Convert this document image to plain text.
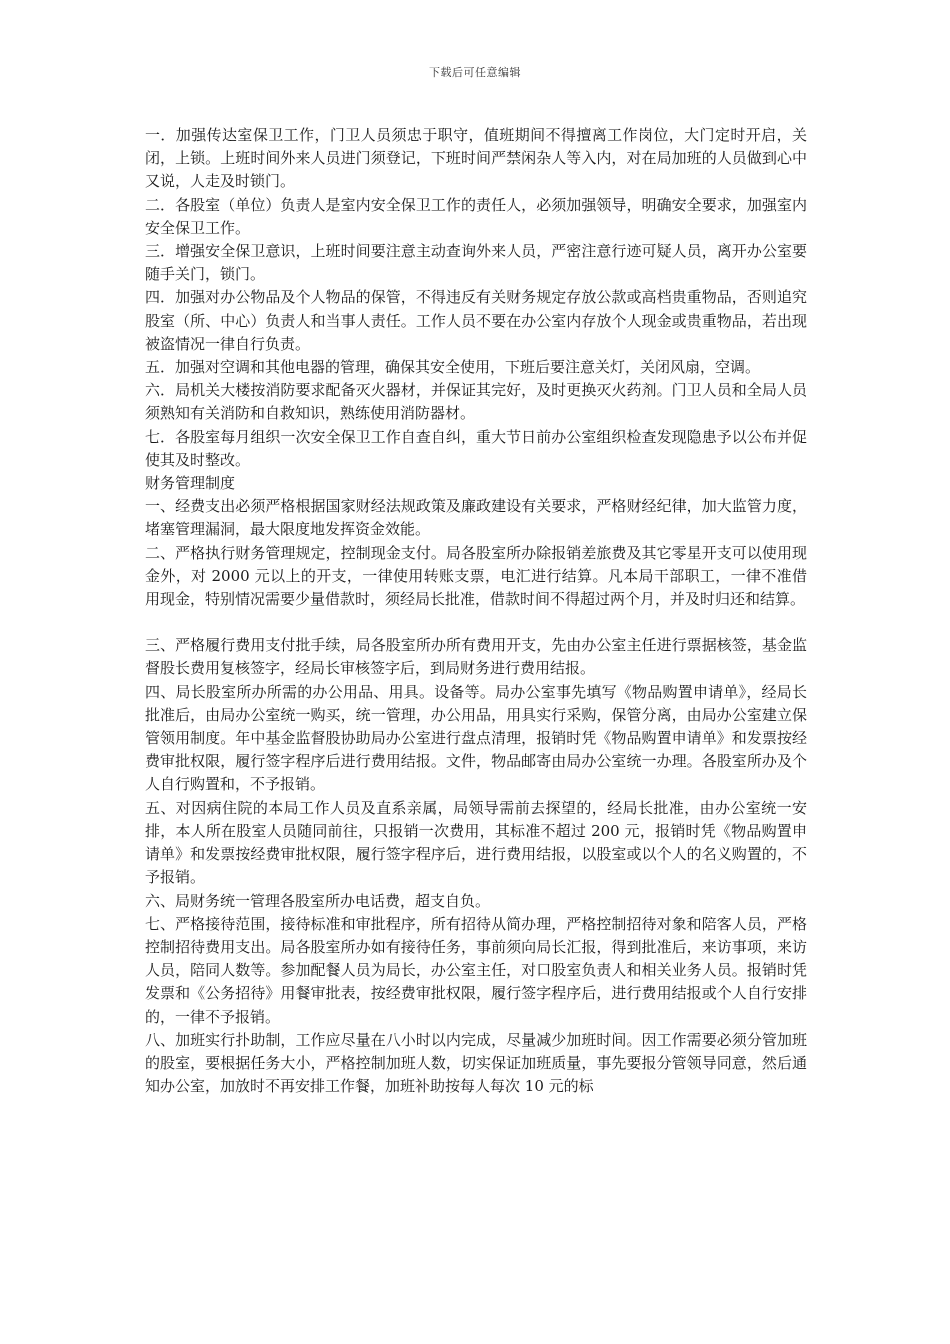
下载后可任意编辑

一．加强传达室保卫工作，门卫人员须忠于职守，值班期间不得擅离工作岗位，大门定时开启，关闭，上锁。上班时间外来人员进门须登记，下班时间严禁闲杂人等入内，对在局加班的人员做到心中又说，人走及时锁门。

二．各股室（单位）负责人是室内安全保卫工作的责任人，必须加强领导，明确安全要求，加强室内安全保卫工作。

三．增强安全保卫意识，上班时间要注意主动查询外来人员，严密注意行迹可疑人员，离开办公室要随手关门，锁门。

四．加强对办公物品及个人物品的保管，不得违反有关财务规定存放公款或高档贵重物品，否则追究股室（所、中心）负责人和当事人责任。工作人员不要在办公室内存放个人现金或贵重物品，若出现被盗情况一律自行负责。

五．加强对空调和其他电器的管理，确保其安全使用，下班后要注意关灯，关闭风扇，空调。

六．局机关大楼按消防要求配备灭火器材，并保证其完好，及时更换灭火药剂。门卫人员和全局人员须熟知有关消防和自救知识，熟练使用消防器材。

七．各股室每月组织一次安全保卫工作自查自纠，重大节日前办公室组织检查发现隐患予以公布并促使其及时整改。

财务管理制度

一、经费支出必须严格根据国家财经法规政策及廉政建设有关要求，严格财经纪律，加大监管力度，堵塞管理漏洞，最大限度地发挥资金效能。

二、严格执行财务管理规定，控制现金支付。局各股室所办除报销差旅费及其它零星开支可以使用现金外，对 2000 元以上的开支，一律使用转账支票，电汇进行结算。凡本局干部职工，一律不准借用现金，特别情况需要少量借款时，须经局长批准，借款时间不得超过两个月，并及时归还和结算。

三、严格履行费用支付批手续，局各股室所办所有费用开支，先由办公室主任进行票据核签，基金监督股长费用复核签字，经局长审核签字后，到局财务进行费用结报。

四、局长股室所办所需的办公用品、用具。设备等。局办公室事先填写《物品购置申请单》，经局长批准后，由局办公室统一购买，统一管理，办公用品，用具实行采购，保管分离，由局办公室建立保管领用制度。年中基金监督股协助局办公室进行盘点清理，报销时凭《物品购置申请单》和发票按经费审批权限，履行签字程序后进行费用结报。文件，物品邮寄由局办公室统一办理。各股室所办及个人自行购置和，不予报销。

五、对因病住院的本局工作人员及直系亲属，局领导需前去探望的，经局长批准，由办公室统一安排，本人所在股室人员随同前往，只报销一次费用，其标准不超过 200 元，报销时凭《物品购置申请单》和发票按经费审批权限，履行签字程序后，进行费用结报，以股室或以个人的名义购置的，不予报销。

六、局财务统一管理各股室所办电话费，超支自负。

七、严格接待范围，接待标准和审批程序，所有招待从简办理，严格控制招待对象和陪客人员，严格控制招待费用支出。局各股室所办如有接待任务，事前须向局长汇报，得到批准后，来访事项，来访人员，陪同人数等。参加配餐人员为局长，办公室主任，对口股室负责人和相关业务人员。报销时凭发票和《公务招待》用餐审批表，按经费审批权限，履行签字程序后，进行费用结报或个人自行安排的，一律不予报销。

八、加班实行扑助制，工作应尽量在八小时以内完成，尽量减少加班时间。因工作需要必须分管加班的股室，要根据任务大小，严格控制加班人数，切实保证加班质量，事先要报分管领导同意，然后通知办公室，加放时不再安排工作餐，加班补助按每人每次 10 元的标
